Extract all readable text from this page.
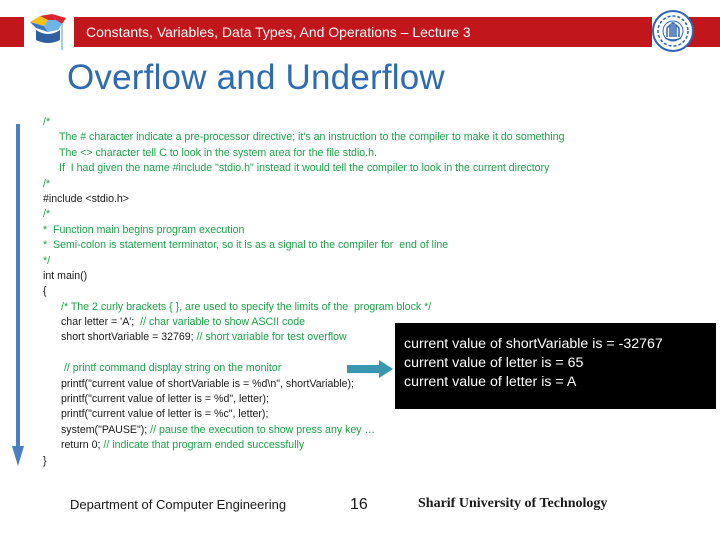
Constants, Variables, Data Types, And Operations – Lecture 3
Overflow and Underflow
/*
The # character indicate a pre-processor directive; it's an instruction to the compiler to make it do something
The <> character tell C to look in the system area for the file stdio.h.
If  I had given the name #include "stdio.h" instead it would tell the compiler to look in the current directory
/*
#include <stdio.h>
/*
*  Function main begins program execution
*  Semi-colon is statement terminator, so it is as a signal to the compiler for  end of line
*/
int main()
{
/* The 2 curly brackets { }, are used to specify the limits of the  program block */
char letter = 'A';  // char variable to show ASCII code
short shortVariable = 32769; // short variable for test overflow
// printf command display string on the monitor
printf("current value of shortVariable is = %d\n", shortVariable);
printf("current value of letter is = %d", letter);
printf("current value of letter is = %c", letter);
system("PAUSE"); // pause the execution to show press any key …
return 0; // indicate that program ended successfully
}
current value of shortVariable is = -32767
current value of letter is = 65
current value of letter is = A
Department of Computer Engineering	16	Sharif University of Technology
